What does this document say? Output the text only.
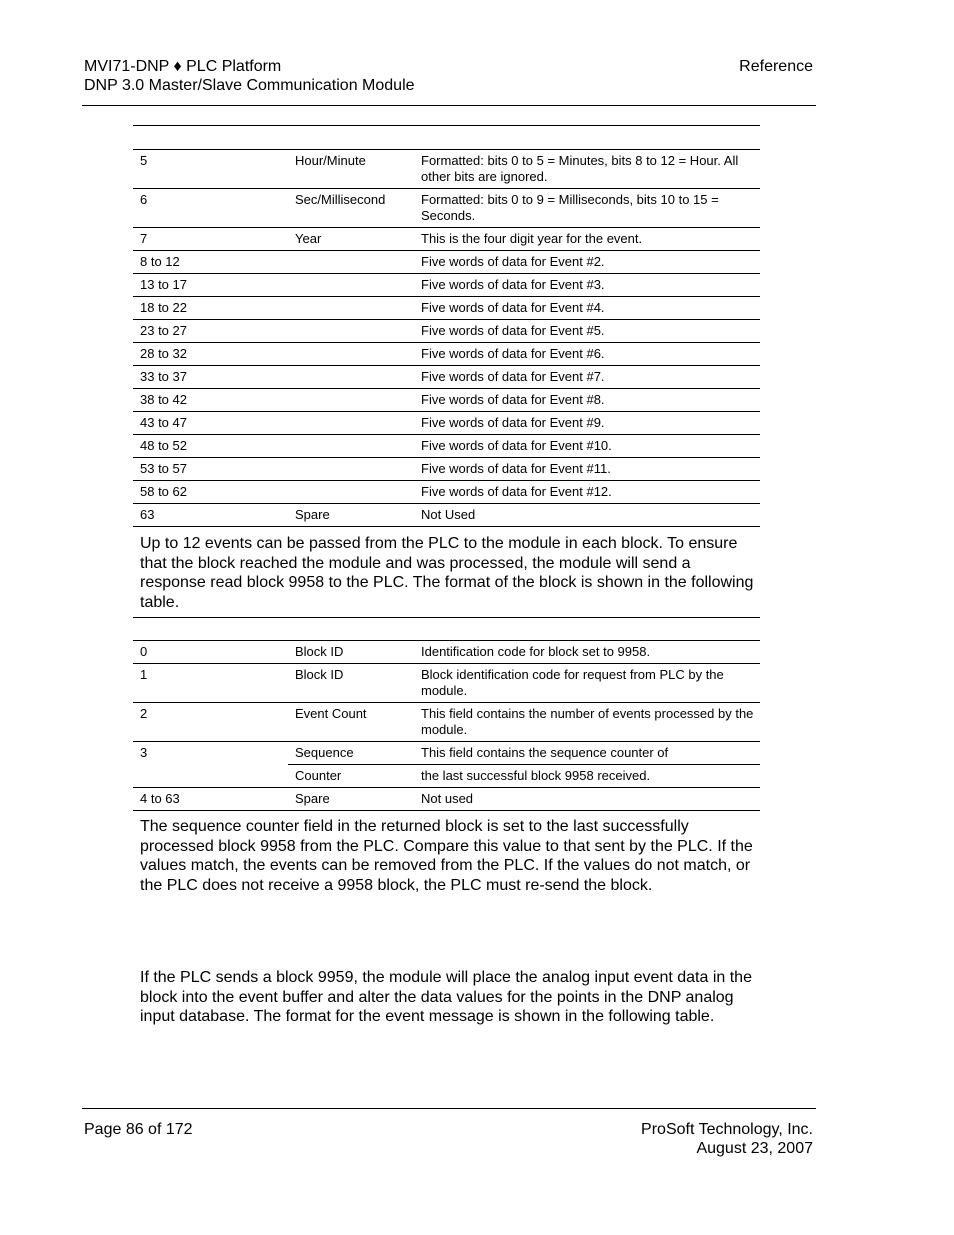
MVI71-DNP ♦ PLC Platform
DNP 3.0 Master/Slave Communication Module
Reference
5	Hour/Minute	Formatted: bits 0 to 5 = Minutes, bits 8 to 12 = Hour. All other bits are ignored.
6	Sec/Millisecond	Formatted: bits 0 to 9 = Milliseconds, bits 10 to 15 = Seconds.
7	Year	This is the four digit year for the event.
8 to 12		Five words of data for Event #2.
13 to 17		Five words of data for Event #3.
18 to 22		Five words of data for Event #4.
23 to 27		Five words of data for Event #5.
28 to 32		Five words of data for Event #6.
33 to 37		Five words of data for Event #7.
38 to 42		Five words of data for Event #8.
43 to 47		Five words of data for Event #9.
48 to 52		Five words of data for Event #10.
53 to 57		Five words of data for Event #11.
58 to 62		Five words of data for Event #12.
63	Spare	Not Used

Up to 12 events can be passed from the PLC to the module in each block. To ensure that the block reached the module and was processed, the module will send a response read block 9958 to the PLC. The format of the block is shown in the following table.

0	Block ID	Identification code for block set to 9958.
1	Block ID	Block identification code for request from PLC by the module.
2	Event Count	This field contains the number of events processed by the module.
3	Sequence	This field contains the sequence counter of
	Counter	the last successful block 9958 received.
4 to 63	Spare	Not used

The sequence counter field in the returned block is set to the last successfully processed block 9958 from the PLC. Compare this value to that sent by the PLC. If the values match, the events can be removed from the PLC. If the values do not match, or the PLC does not receive a 9958 block, the PLC must re-send the block.

If the PLC sends a block 9959, the module will place the analog input event data in the block into the event buffer and alter the data values for the points in the DNP analog input database. The format for the event message is shown in the following table.

Page 86 of 172	ProSoft Technology, Inc.
August 23, 2007
